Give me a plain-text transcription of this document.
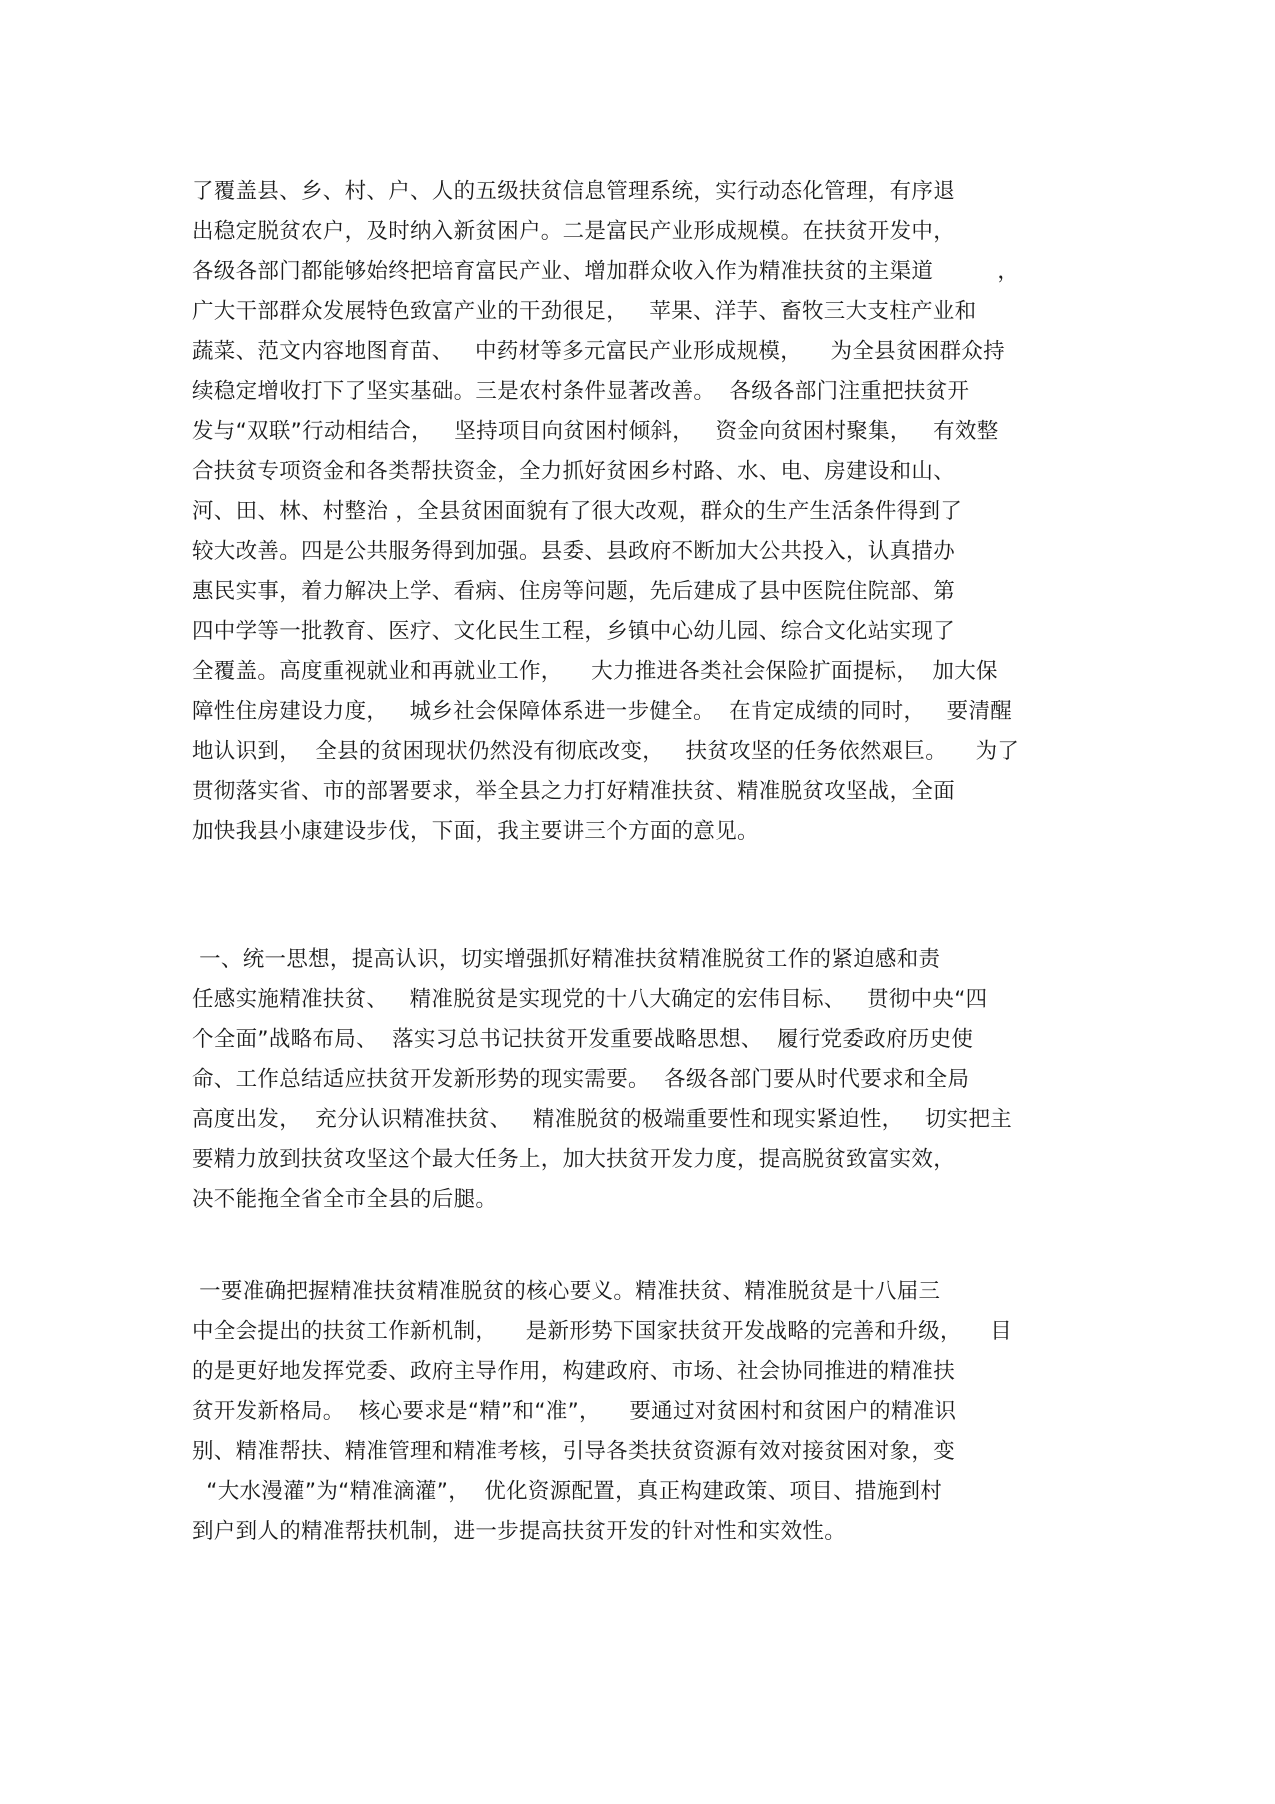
了覆盖县、乡、村、户、人的五级扶贫信息管理系统，实行动态化管理，有序退
出稳定脱贫农户，及时纳入新贫困户。二是富民产业形成规模。在扶贫开发中，
各级各部门都能够始终把培育富民产业、增加群众收入作为精准扶贫的主渠道         ，
广大干部群众发展特色致富产业的干劲很足，   苹果、洋芋、畜牧三大支柱产业和
蔬菜、范文内容地图育苗、   中药材等多元富民产业形成规模，    为全县贫困群众持
续稳定增收打下了坚实基础。三是农村条件显著改善。  各级各部门注重把扶贫开
发与“双联”行动相结合，   坚持项目向贫困村倾斜，   资金向贫困村聚集，   有效整
合扶贫专项资金和各类帮扶资金，全力抓好贫困乡村路、水、电、房建设和山、
河、田、林、村整治 ，全县贫困面貌有了很大改观，群众的生产生活条件得到了
较大改善。四是公共服务得到加强。县委、县政府不断加大公共投入，认真措办
惠民实事，着力解决上学、看病、住房等问题，先后建成了县中医院住院部、第
四中学等一批教育、医疗、文化民生工程，乡镇中心幼儿园、综合文化站实现了
全覆盖。高度重视就业和再就业工作，    大力推进各类社会保险扩面提标，  加大保
障性住房建设力度，   城乡社会保障体系进一步健全。  在肯定成绩的同时，   要清醒
地认识到，  全县的贫困现状仍然没有彻底改变，   扶贫攻坚的任务依然艰巨。    为了
贯彻落实省、市的部署要求，举全县之力打好精准扶贫、精准脱贫攻坚战，全面
加快我县小康建设步伐，下面，我主要讲三个方面的意见。
一、统一思想，提高认识，切实增强抓好精准扶贫精准脱贫工作的紧迫感和责
任感实施精准扶贫、   精准脱贫是实现党的十八大确定的宏伟目标、   贯彻中央“四
个全面”战略布局、  落实习总书记扶贫开发重要战略思想、  履行党委政府历史使
命、工作总结适应扶贫开发新形势的现实需要。  各级各部门要从时代要求和全局
高度出发，  充分认识精准扶贫、   精准脱贫的极端重要性和现实紧迫性，   切实把主
要精力放到扶贫攻坚这个最大任务上，加大扶贫开发力度，提高脱贫致富实效，
决不能拖全省全市全县的后腿。
一要准确把握精准扶贫精准脱贫的核心要义。精准扶贫、精准脱贫是十八届三
中全会提出的扶贫工作新机制，    是新形势下国家扶贫开发战略的完善和升级，    目
的是更好地发挥党委、政府主导作用，构建政府、市场、社会协同推进的精准扶
贫开发新格局。  核心要求是“精”和“准”，    要通过对贫困村和贫困户的精准识
别、精准帮扶、精准管理和精准考核，引导各类扶贫资源有效对接贫困对象，变
“大水漫灌”为“精准滴灌”，  优化资源配置，真正构建政策、项目、措施到村
到户到人的精准帮扶机制，进一步提高扶贫开发的针对性和实效性。
